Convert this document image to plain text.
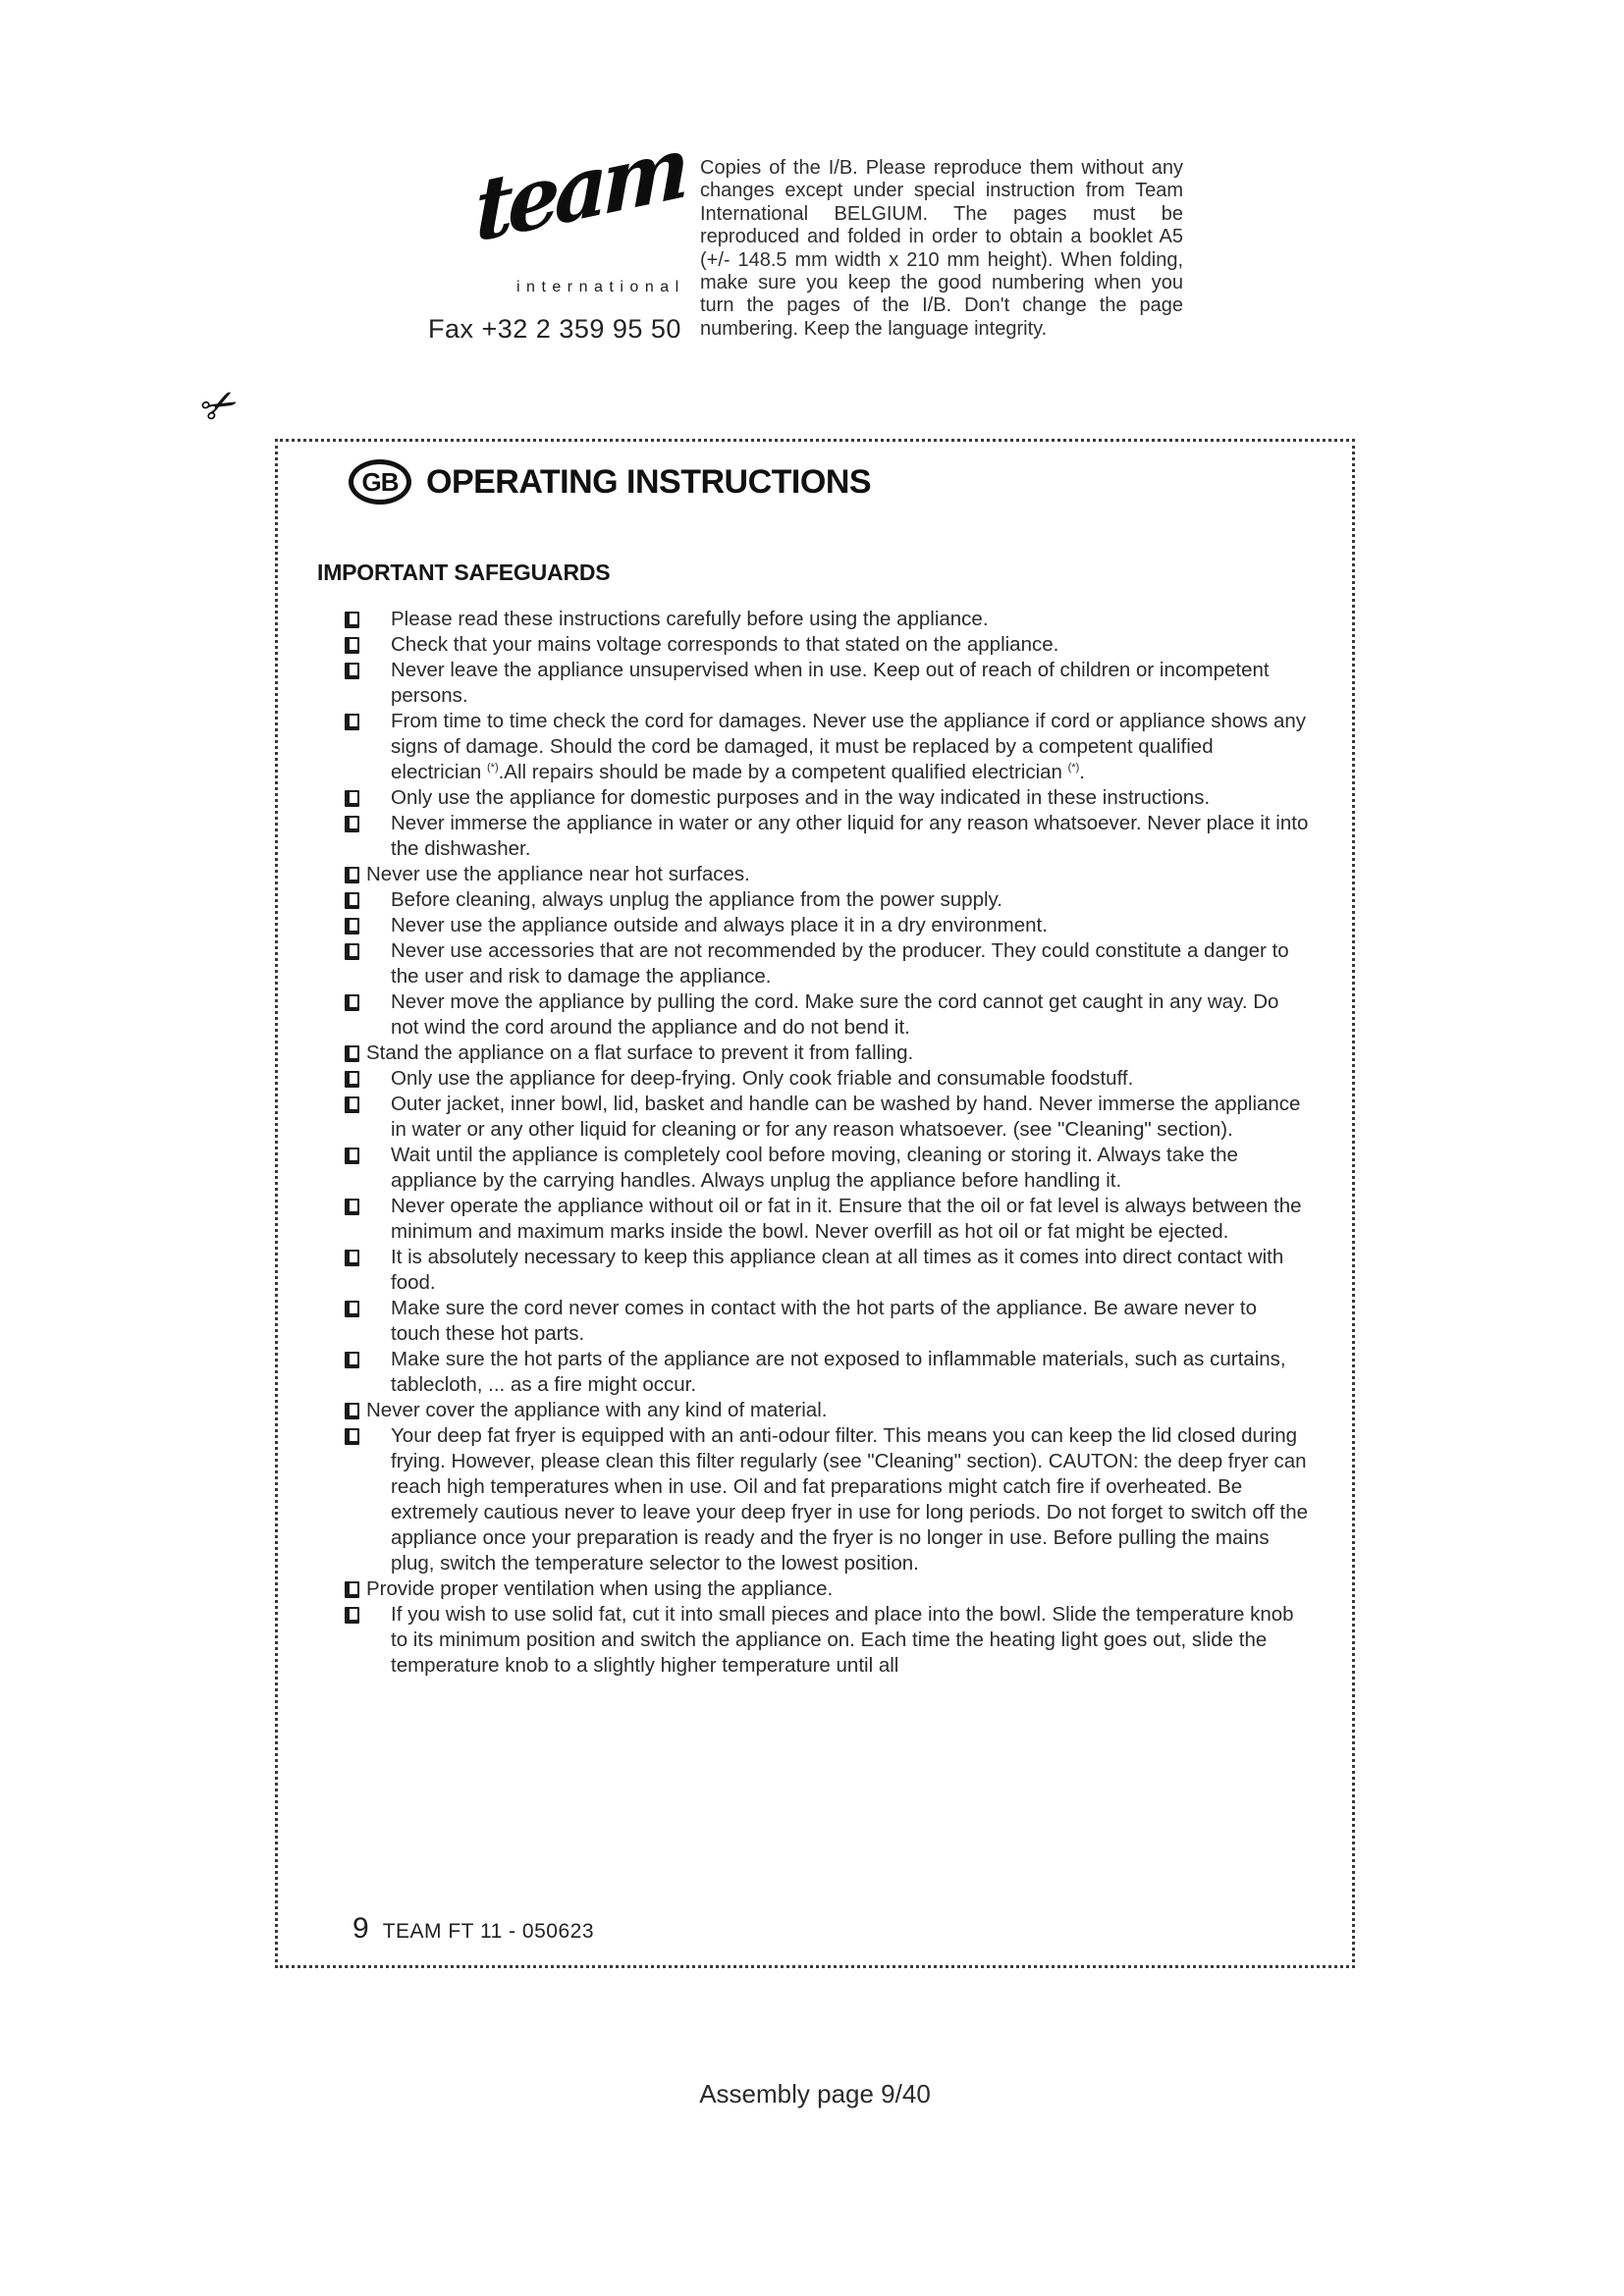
team
international
Fax +32 2 359 95 50
Copies of the I/B. Please reproduce them without any changes except under special instruction from Team International BELGIUM. The pages must be reproduced and folded in order to obtain a booklet A5 (+/- 148.5 mm width x 210 mm height). When folding, make sure you keep the good numbering when you turn the pages of the I/B. Don't change the page numbering. Keep the language integrity.
✂
GB OPERATING INSTRUCTIONS
IMPORTANT SAFEGUARDS
Please read these instructions carefully before using the appliance.
Check that your mains voltage corresponds to that stated on the appliance.
Never leave the appliance unsupervised when in use. Keep out of reach of children or incompetent persons.
From time to time check the cord for damages. Never use the appliance if cord or appliance shows any signs of damage. Should the cord be damaged, it must be replaced by a competent qualified electrician (*).All repairs should be made by a competent qualified electrician (*).
Only use the appliance for domestic purposes and in the way indicated in these instructions.
Never immerse the appliance in water or any other liquid for any reason whatsoever. Never place it into the dishwasher.
Never use the appliance near hot surfaces.
Before cleaning, always unplug the appliance from the power supply.
Never use the appliance outside and always place it in a dry environment.
Never use accessories that are not recommended by the producer. They could constitute a danger to the user and risk to damage the appliance.
Never move the appliance by pulling the cord. Make sure the cord cannot get caught in any way. Do not wind the cord around the appliance and do not bend it.
Stand the appliance on a flat surface to prevent it from falling.
Only use the appliance for deep-frying. Only cook friable and consumable foodstuff.
Outer jacket, inner bowl, lid, basket and handle can be washed by hand. Never immerse the appliance in water or any other liquid for cleaning or for any reason whatsoever. (see "Cleaning" section).
Wait until the appliance is completely cool before moving, cleaning or storing it. Always take the appliance by the carrying handles. Always unplug the appliance before handling it.
Never operate the appliance without oil or fat in it. Ensure that the oil or fat level is always between the minimum and maximum marks inside the bowl. Never overfill as hot oil or fat might be ejected.
It is absolutely necessary to keep this appliance clean at all times as it comes into direct contact with food.
Make sure the cord never comes in contact with the hot parts of the appliance. Be aware never to touch these hot parts.
Make sure the hot parts of the appliance are not exposed to inflammable materials, such as curtains, tablecloth, ... as a fire might occur.
Never cover the appliance with any kind of material.
Your deep fat fryer is equipped with an anti-odour filter. This means you can keep the lid closed during frying. However, please clean this filter regularly (see "Cleaning" section). CAUTON: the deep fryer can reach high temperatures when in use. Oil and fat preparations might catch fire if overheated. Be extremely cautious never to leave your deep fryer in use for long periods. Do not forget to switch off the appliance once your preparation is ready and the fryer is no longer in use. Before pulling the mains plug, switch the temperature selector to the lowest position.
Provide proper ventilation when using the appliance.
If you wish to use solid fat, cut it into small pieces and place into the bowl. Slide the temperature knob to its minimum position and switch the appliance on. Each time the heating light goes out, slide the temperature knob to a slightly higher temperature until all
9 TEAM FT 11 - 050623
Assembly page 9/40
